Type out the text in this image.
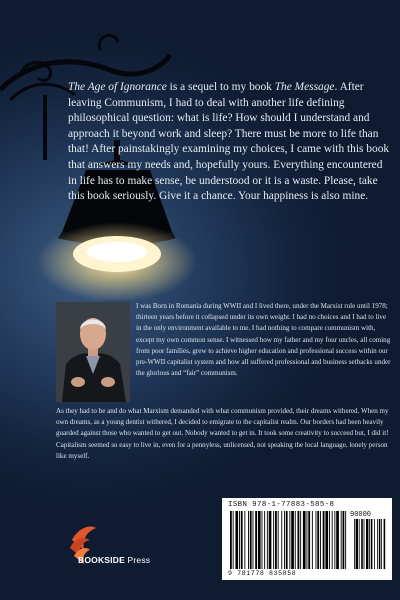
The Age of Ignorance is a sequel to my book The Message. After leaving Communism, I had to deal with another life defining philosophical question: what is life? How should I understand and approach it beyond work and sleep? There must be more to life than that! After painstakingly examining my choices, I came with this book that answers my needs and, hopefully yours. Everything encountered in life has to make sense, be understood or it is a waste. Please, take this book seriously. Give it a chance. Your happiness is also mine.

I was Born in Romania during WWII and I lived there, under the Marxist rule until 1978; thirteen years before it collapsed under its own weight. I had no choices and I had to live in the only environment available to me. I had nothing to compare communism with, except my own common sense. I witnessed how my father and my four uncles, all coming from poor families, grew to achieve higher education and professional success within our pre-WWII capitalist system and how all suffered professional and business setbacks under the glorious and “fair” communism.

As they had to be and do what Marxism demanded with what communism provided, their dreams withered. When my own dreams, as a young dentist withered, I decided to emigrate to the capitalist realm. Our borders had been heavily guarded against those who wanted to get out. Nobody wanted to get in. It took some creativity to succeed but, I did it! Capitalism seemed so easy to live in, even for a pennyless, unlicensed, not speaking the local language, lonely person like myself.

BOOKSIDE Press
ISBN 978-1-77883-585-8
90000
9 781778 835858
